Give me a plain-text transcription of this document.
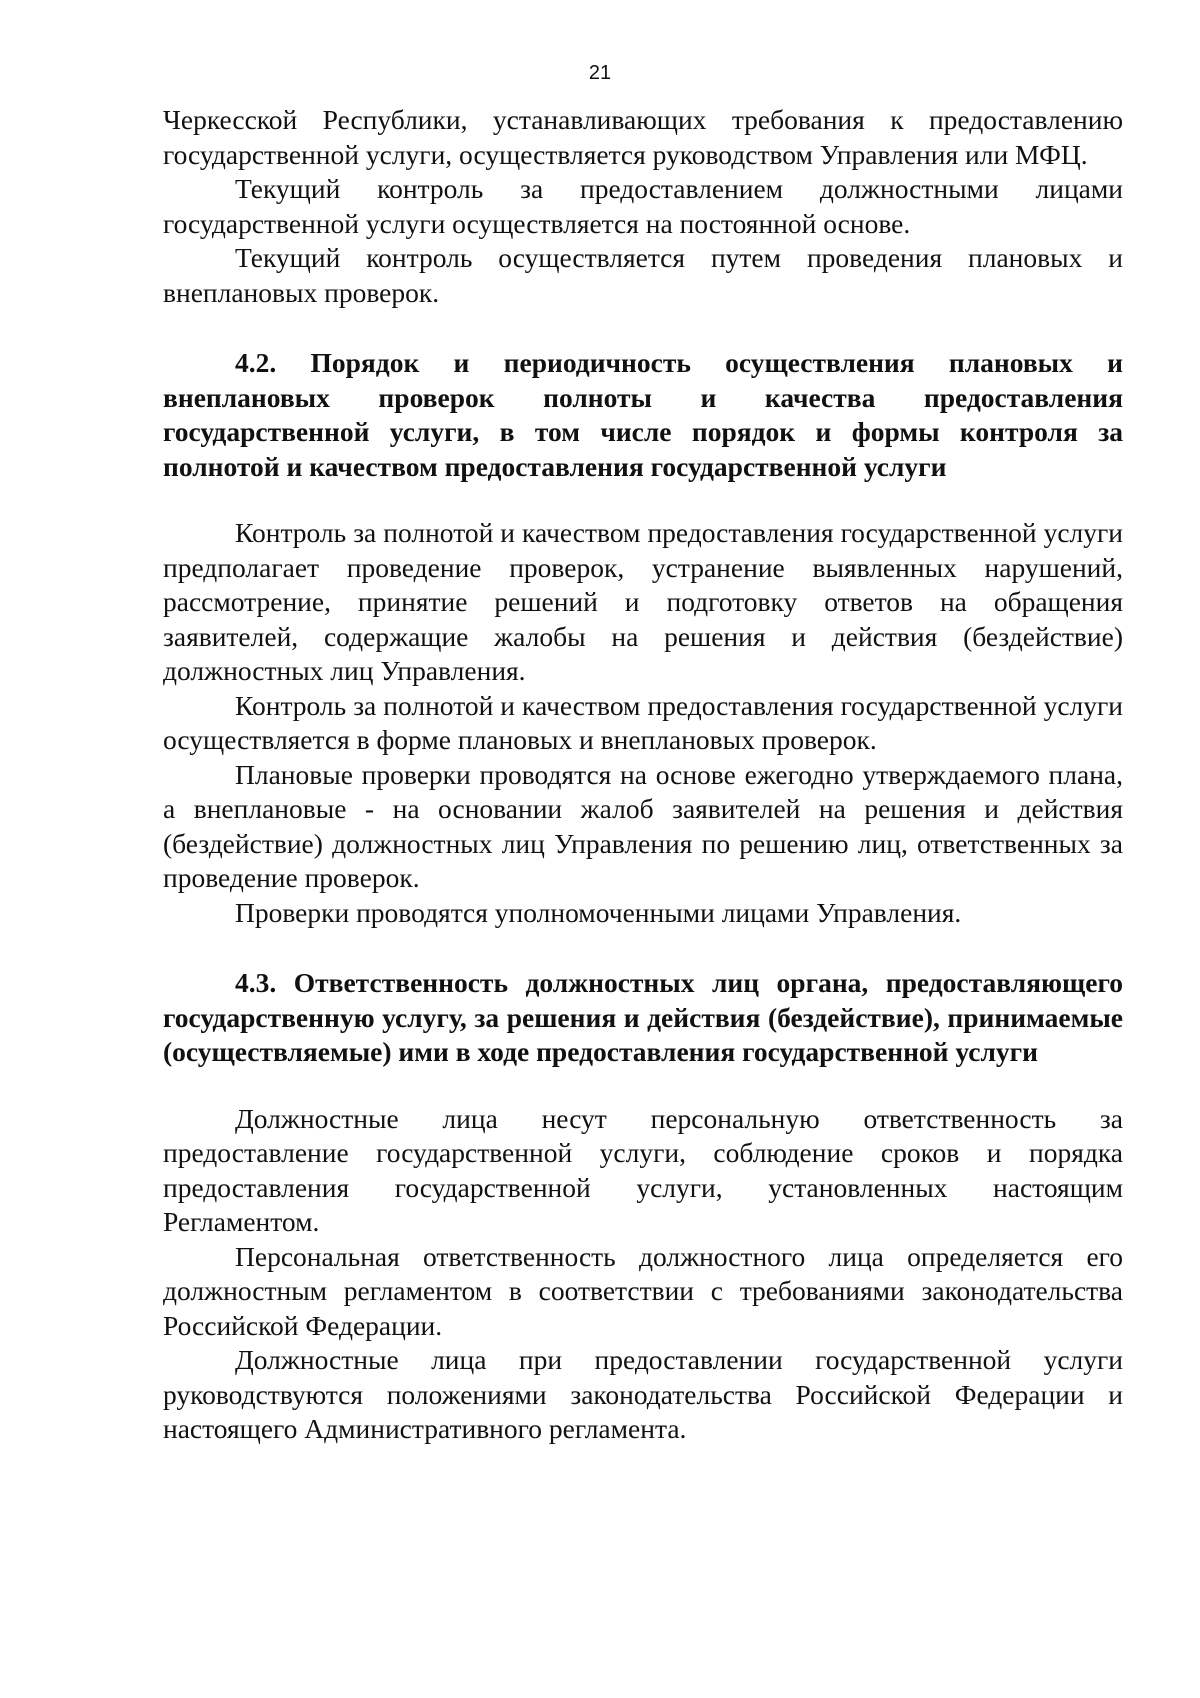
21

Черкесской Республики, устанавливающих требования к предоставлению государственной услуги, осуществляется руководством Управления или МФЦ.

Текущий контроль за предоставлением должностными лицами государственной услуги осуществляется на постоянной основе.

Текущий контроль осуществляется путем проведения плановых и внеплановых проверок.

4.2. Порядок и периодичность осуществления плановых и внеплановых проверок полноты и качества предоставления государственной услуги, в том числе порядок и формы контроля за полнотой и качеством предоставления государственной услуги

Контроль за полнотой и качеством предоставления государственной услуги предполагает проведение проверок, устранение выявленных нарушений, рассмотрение, принятие решений и подготовку ответов на обращения заявителей, содержащие жалобы на решения и действия (бездействие) должностных лиц Управления.

Контроль за полнотой и качеством предоставления государственной услуги осуществляется в форме плановых и внеплановых проверок.

Плановые проверки проводятся на основе ежегодно утверждаемого плана, а внеплановые - на основании жалоб заявителей на решения и действия (бездействие) должностных лиц Управления по решению лиц, ответственных за проведение проверок.

Проверки проводятся уполномоченными лицами Управления.

4.3. Ответственность должностных лиц органа, предоставляющего государственную услугу, за решения и действия (бездействие), принимаемые (осуществляемые) ими в ходе предоставления государственной услуги

Должностные лица несут персональную ответственность за предоставление государственной услуги, соблюдение сроков и порядка предоставления государственной услуги, установленных настоящим Регламентом.

Персональная ответственность должностного лица определяется его должностным регламентом в соответствии с требованиями законодательства Российской Федерации.

Должностные лица при предоставлении государственной услуги руководствуются положениями законодательства Российской Федерации и настоящего Административного регламента.
